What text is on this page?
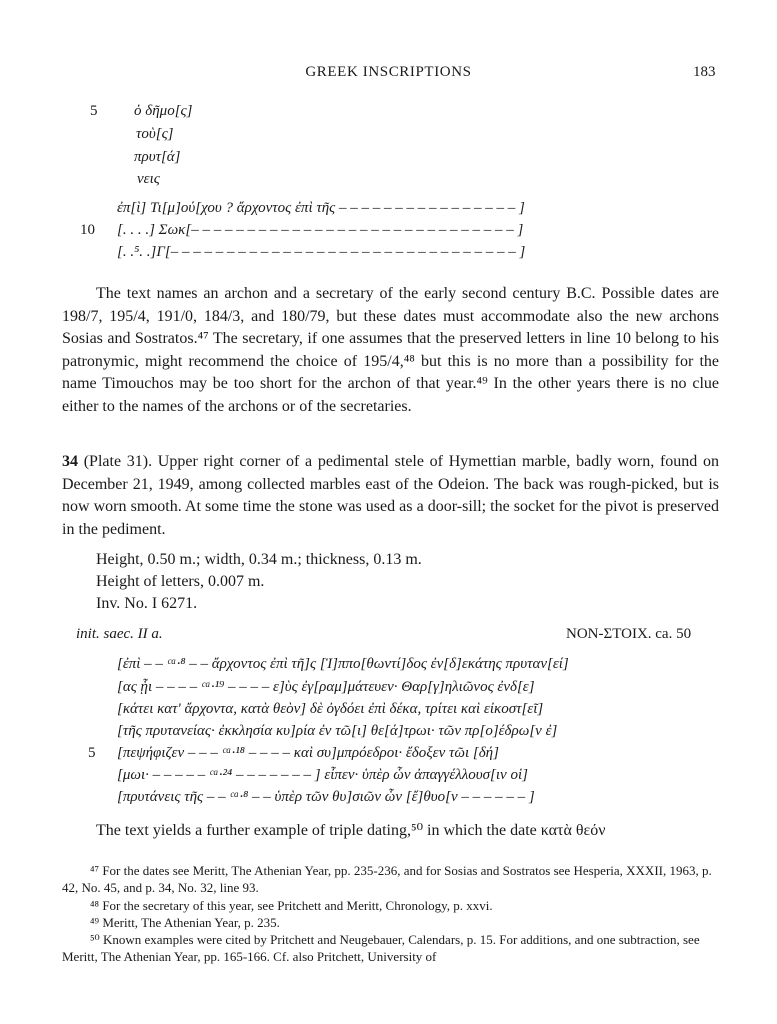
GREEK INSCRIPTIONS	183
5 ὁ δῆμο[ς]
τοὺ[ς]
πρυτ[ά]
νεις
ἐπ[ὶ] Τι[μ]ού[χου ? ἄρχοντος ἐπὶ τῆς – – – – – – – – – – – – – – – – ]
10 [. . . .] Σωκ[– – – – – – – – – – – – – – – – – – – – – – – – – – – – – ]
[. .⁵. .]Γ[– – – – – – – – – – – – – – – – – – – – – – – – – – – – – – – ]
The text names an archon and a secretary of the early second century B.C. Possible dates are 198/7, 195/4, 191/0, 184/3, and 180/79, but these dates must accommodate also the new archons Sosias and Sostratos.⁴⁷ The secretary, if one assumes that the preserved letters in line 10 belong to his patronymic, might recommend the choice of 195/4,⁴⁸ but this is no more than a possibility for the name Timouchos may be too short for the archon of that year.⁴⁹ In the other years there is no clue either to the names of the archons or of the secretaries.
34 (Plate 31). Upper right corner of a pedimental stele of Hymettian marble, badly worn, found on December 21, 1949, among collected marbles east of the Odeion. The back was rough-picked, but is now worn smooth. At some time the stone was used as a door-sill; the socket for the pivot is preserved in the pediment.
Height, 0.50 m.; width, 0.34 m.; thickness, 0.13 m.
Height of letters, 0.007 m.
Inv. No. I 6271.
init. saec. II a.	NON-ΣΤΟΙΧ. ca. 50
[ἐπὶ – – ᶜᵃ·⁸ – – ἄρχοντος ἐπὶ τῆ]ς [Ἱ]ππο[θωντί]δος ἐν[δ]εκάτης πρυταν[εί]
[ας ᾗι – – – – ᶜᵃ·¹⁹ – – – – ε]ὺς ἐγ[ραμ]μάτευεν· Θαρ[γ]ηλιῶνος ἐνδ[ε]
[κάτει κατ' ἄρχοντα, κατὰ θεὸν] δὲ ὀγδόει ἐπὶ δέκα, τρίτει καὶ εἰκοστ[εῖ]
[τῆς πρυτανείας· ἐκκλησία κυ]ρία ἐν τῶ[ι] θε[ά]τρωι· τῶν πρ[ο]έδρω[ν ἐ]
5 [πεψήφιζεν – – – ᶜᵃ·¹⁸ – – – – καὶ συ]μπρόεδροι· ἔδοξεν τῶι [δή]
[μωι· – – – – – ᶜᵃ·²⁴ – – – – – – – ] εἶπεν· ὑπὲρ ὧν ἀπαγγέλλουσ[ιν οἱ]
[πρυτάνεις τῆς – – ᶜᵃ·⁸ – – ὑπὲρ τῶν θυ]σιῶν ὧν [ἔ]θυο[ν – – – – – – ]
The text yields a further example of triple dating,⁵⁰ in which the date κατὰ θεόν
⁴⁷ For the dates see Meritt, The Athenian Year, pp. 235-236, and for Sosias and Sostratos see Hesperia, XXXII, 1963, p. 42, No. 45, and p. 34, No. 32, line 93.
⁴⁸ For the secretary of this year, see Pritchett and Meritt, Chronology, p. xxvi.
⁴⁹ Meritt, The Athenian Year, p. 235.
⁵⁰ Known examples were cited by Pritchett and Neugebauer, Calendars, p. 15. For additions, and one subtraction, see Meritt, The Athenian Year, pp. 165-166. Cf. also Pritchett, University of
